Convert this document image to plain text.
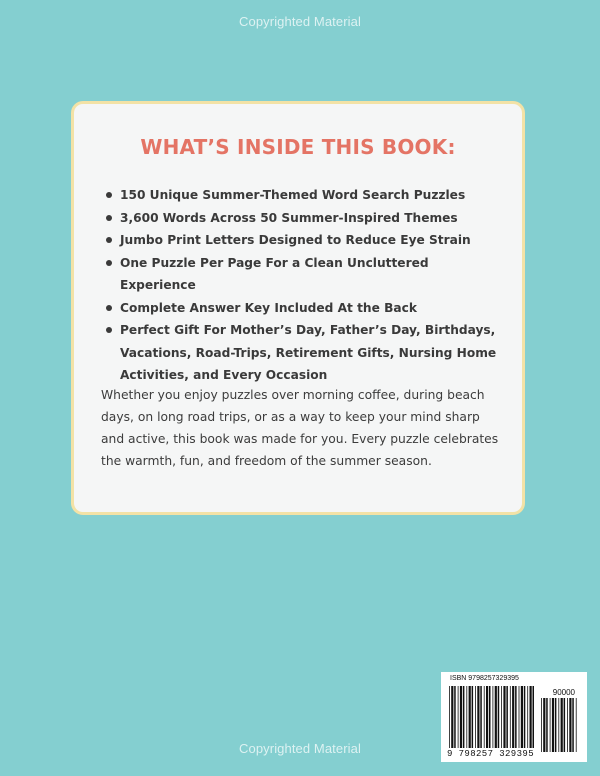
Copyrighted Material
WHAT’S INSIDE THIS BOOK:
150 Unique Summer-Themed Word Search Puzzles
3,600 Words Across 50 Summer-Inspired Themes
Jumbo Print Letters Designed to Reduce Eye Strain
One Puzzle Per Page For a Clean Uncluttered Experience
Complete Answer Key Included At the Back
Perfect Gift For Mother’s Day, Father’s Day, Birthdays, Vacations, Road-Trips, Retirement Gifts, Nursing Home Activities, and Every Occasion

Whether you enjoy puzzles over morning coffee, during beach days, on long road trips, or as a way to keep your mind sharp and active, this book was made for you. Every puzzle celebrates the warmth, fun, and freedom of the summer season.

ISBN 9798257329395
90000
9 798257 329395
Copyrighted Material
